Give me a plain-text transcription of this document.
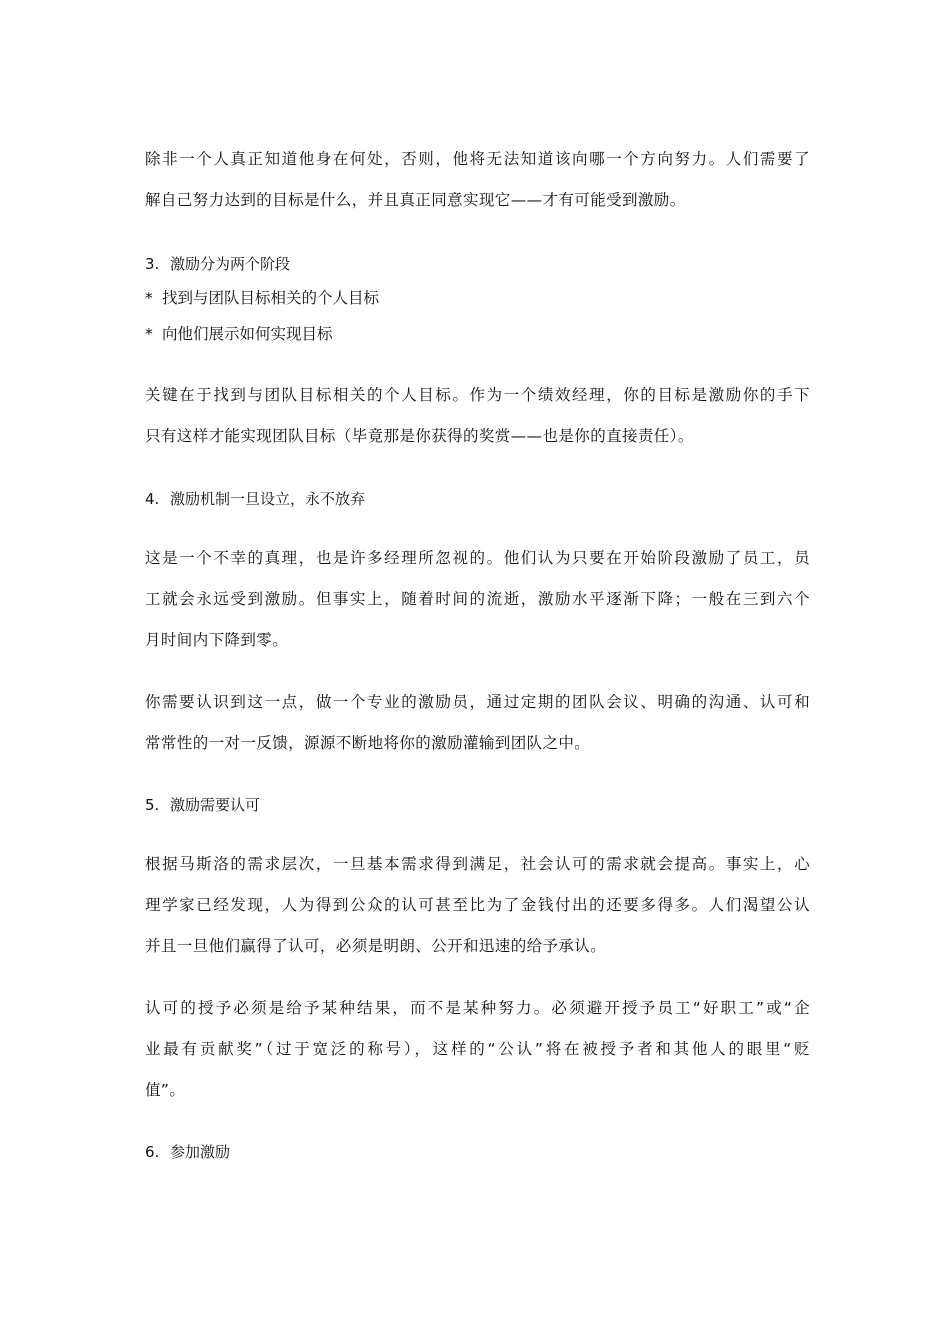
除非一个人真正知道他身在何处，否则，他将无法知道该向哪一个方向努力。人们需要了
解自己努力达到的目标是什么，并且真正同意实现它——才有可能受到激励。
3. 激励分为两个阶段
* 找到与团队目标相关的个人目标
* 向他们展示如何实现目标
关键在于找到与团队目标相关的个人目标。作为一个绩效经理，你的目标是激励你的手下
只有这样才能实现团队目标（毕竟那是你获得的奖赏——也是你的直接责任）。
4. 激励机制一旦设立，永不放弃
这是一个不幸的真理，也是许多经理所忽视的。他们认为只要在开始阶段激励了员工，员
工就会永远受到激励。但事实上，随着时间的流逝，激励水平逐渐下降；一般在三到六个
月时间内下降到零。
你需要认识到这一点，做一个专业的激励员，通过定期的团队会议、明确的沟通、认可和
常常性的一对一反馈，源源不断地将你的激励灌输到团队之中。
5. 激励需要认可
根据马斯洛的需求层次，一旦基本需求得到满足，社会认可的需求就会提高。事实上，心
理学家已经发现，人为得到公众的认可甚至比为了金钱付出的还要多得多。人们渴望公认
并且一旦他们赢得了认可，必须是明朗、公开和迅速的给予承认。
认可的授予必须是给予某种结果，而不是某种努力。必须避开授予员工“好职工”或“企
业最有贡献奖”（过于宽泛的称号），这样的“公认”将在被授予者和其他人的眼里“贬
值”。
6. 参加激励
